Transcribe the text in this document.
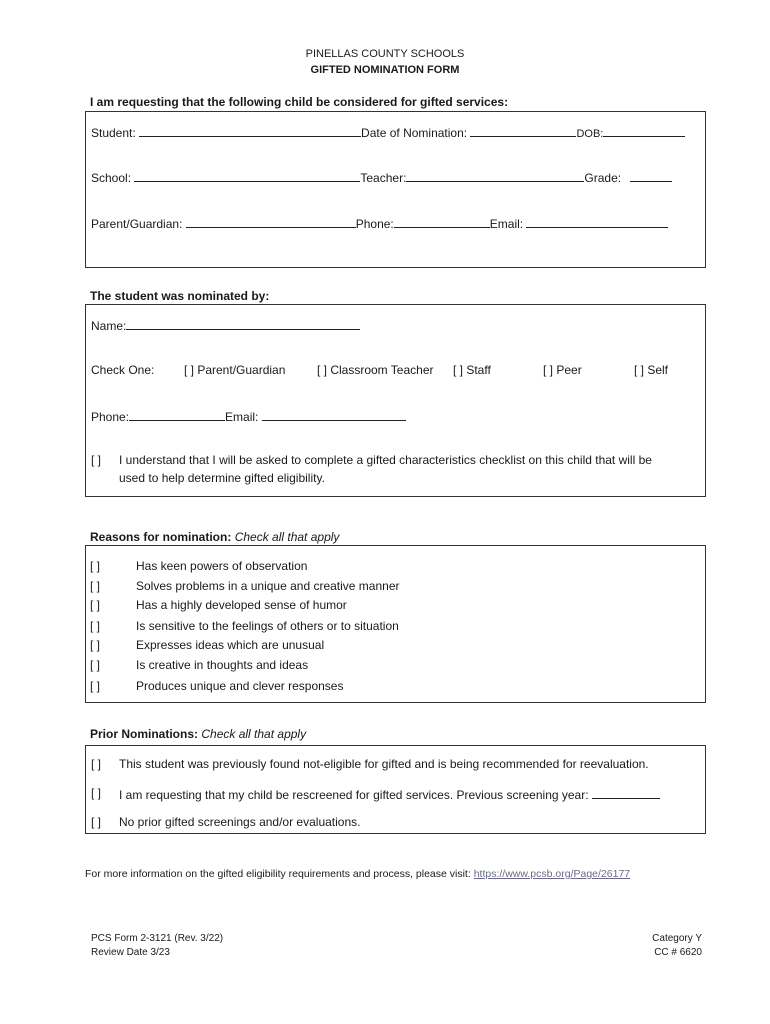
PINELLAS COUNTY SCHOOLS
GIFTED NOMINATION FORM
I am requesting that the following child be considered for gifted services:
Student:	Date of Nomination:	DOB:
School:	Teacher:	Grade:
Parent/Guardian:	Phone:	Email:
The student was nominated by:
Name:
Check One: [ ] Parent/Guardian	[ ] Classroom Teacher [ ] Staff	[ ] Peer	[ ] Self
Phone:	Email:
[ ] I understand that I will be asked to complete a gifted characteristics checklist on this child that will be
used to help determine gifted eligibility.
Reasons for nomination: Check all that apply
[ ]	Has keen powers of observation
[ ]	Solves problems in a unique and creative manner
[ ]	Has a highly developed sense of humor
[ ]	Is sensitive to the feelings of others or to situation
[ ]	Expresses ideas which are unusual
[ ]	Is creative in thoughts and ideas
[ ]	Produces unique and clever responses
Prior Nominations: Check all that apply
[ ] This student was previously found not-eligible for gifted and is being recommended for reevaluation.
[ ] I am requesting that my child be rescreened for gifted services. Previous screening year:
[ ] No prior gifted screenings and/or evaluations.
For more information on the gifted eligibility requirements and process, please visit: https://www.pcsb.org/Page/26177
PCS Form 2-3121 (Rev. 3/22)
Review Date 3/23
Category Y
CC # 6620
